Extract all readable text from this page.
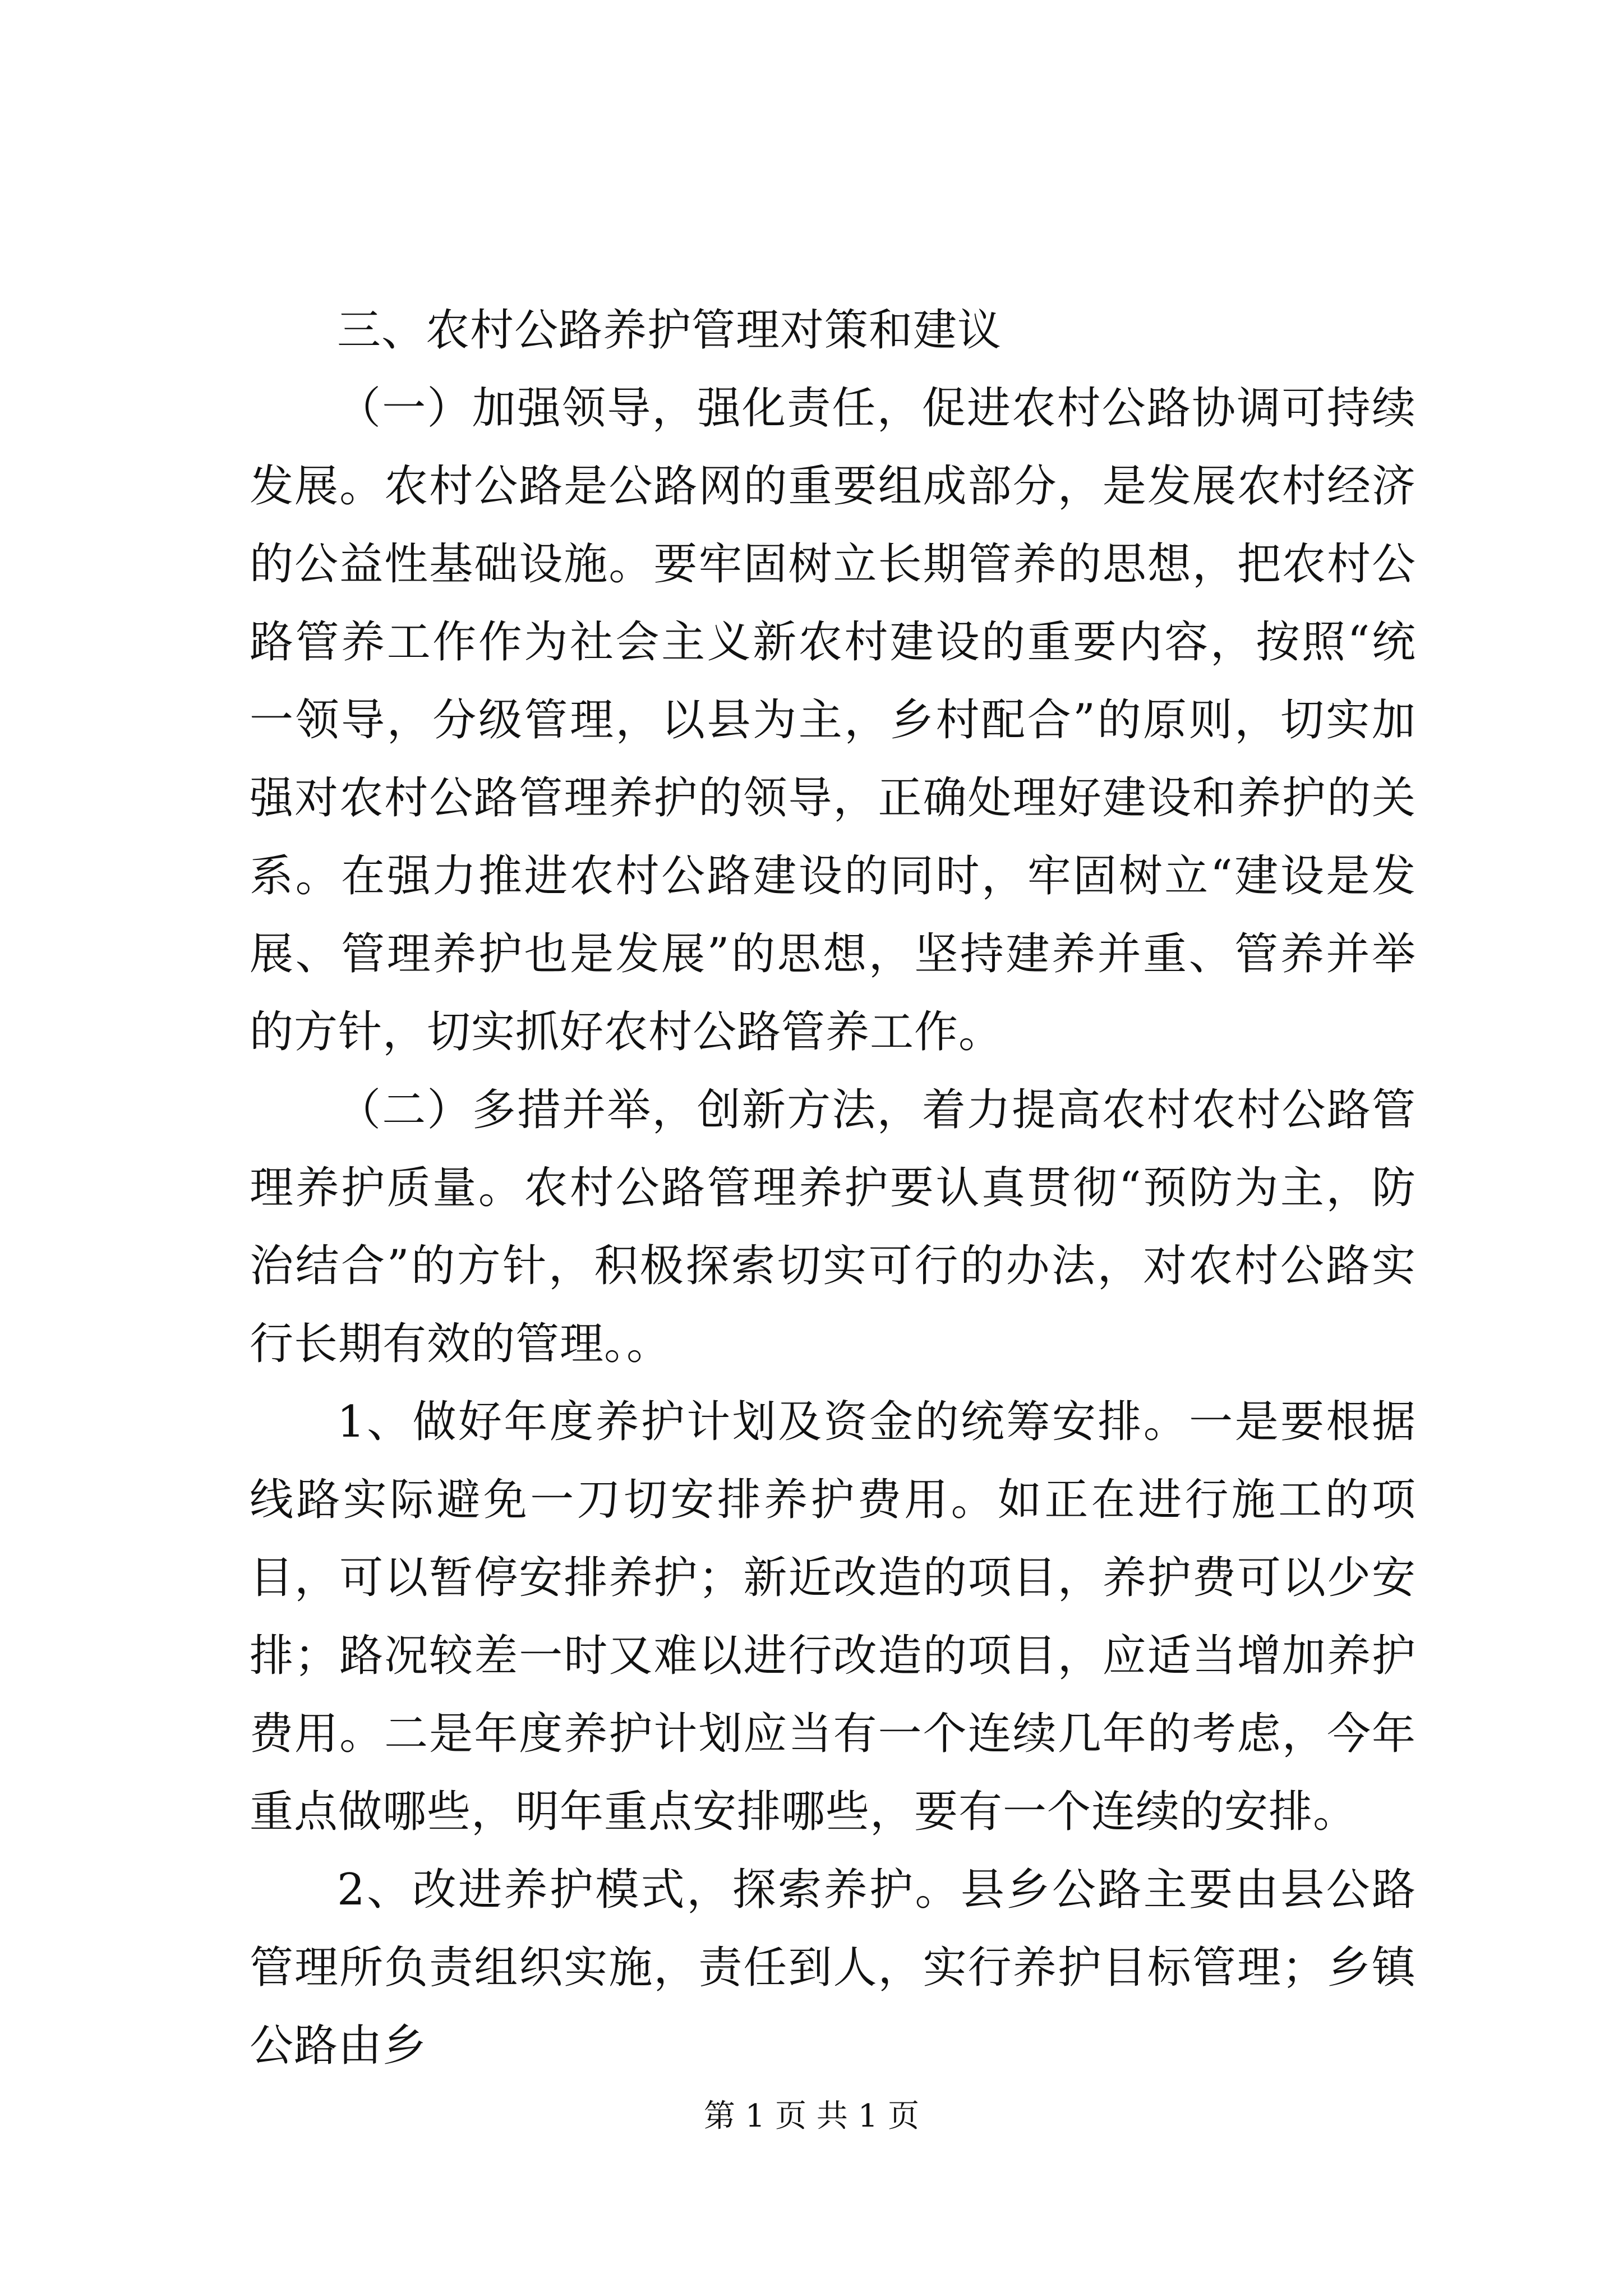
三、农村公路养护管理对策和建议

（一）加强领导，强化责任，促进农村公路协调可持续发展。农村公路是公路网的重要组成部分，是发展农村经济的公益性基础设施。要牢固树立长期管养的思想，把农村公路管养工作作为社会主义新农村建设的重要内容，按照“统一领导，分级管理，以县为主，乡村配合”的原则，切实加强对农村公路管理养护的领导，正确处理好建设和养护的关系。在强力推进农村公路建设的同时，牢固树立“建设是发展、管理养护也是发展”的思想，坚持建养并重、管养并举的方针，切实抓好农村公路管养工作。

（二）多措并举，创新方法，着力提高农村农村公路管理养护质量。农村公路管理养护要认真贯彻“预防为主，防治结合”的方针，积极探索切实可行的办法，对农村公路实行长期有效的管理。。

1、做好年度养护计划及资金的统筹安排。一是要根据线路实际避免一刀切安排养护费用。如正在进行施工的项目，可以暂停安排养护；新近改造的项目，养护费可以少安排；路况较差一时又难以进行改造的项目，应适当增加养护费用。二是年度养护计划应当有一个连续几年的考虑，今年重点做哪些，明年重点安排哪些，要有一个连续的安排。

2、改进养护模式，探索养护。县乡公路主要由县公路管理所负责组织实施，责任到人，实行养护目标管理；乡镇公路由乡

第 1 页 共 1 页
